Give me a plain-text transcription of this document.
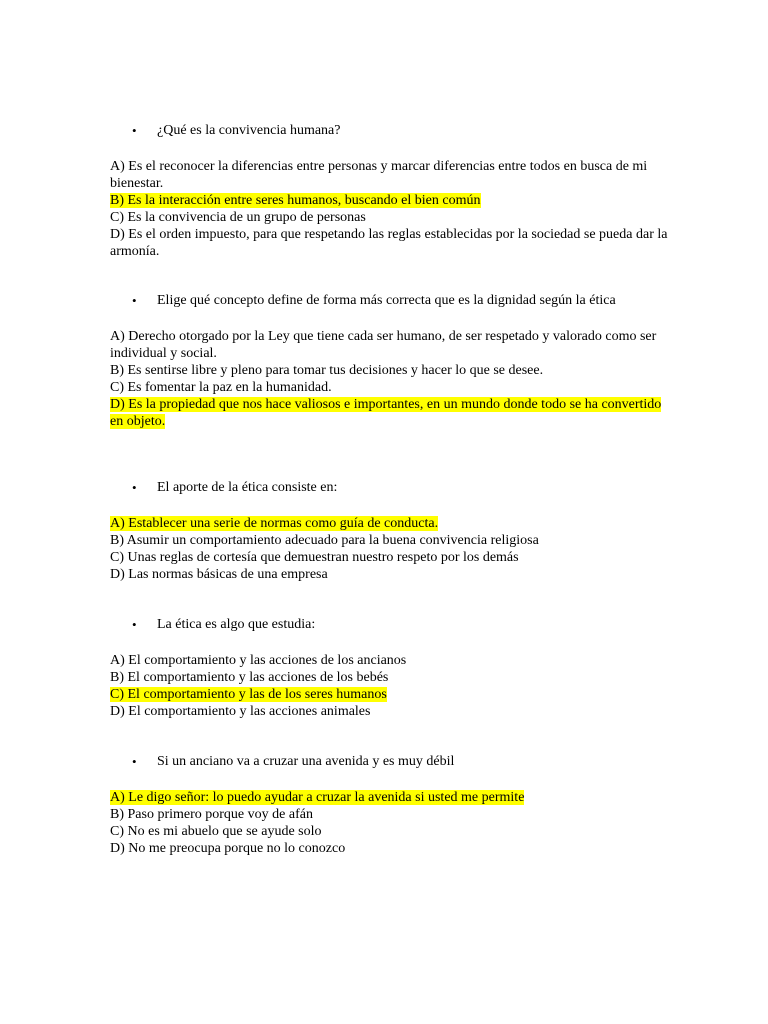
• ¿Qué es la convivencia humana?

A) Es el reconocer la diferencias entre personas y marcar diferencias entre todos en busca de mi bienestar.

B) Es la interacción entre seres humanos, buscando el bien común

C) Es la convivencia de un grupo de personas

D) Es el orden impuesto, para que respetando las reglas establecidas por la sociedad se pueda dar la armonía.

• Elige qué concepto define de forma más correcta que es la dignidad según la ética

A) Derecho otorgado por la Ley que tiene cada ser humano, de ser respetado y valorado como ser individual y social.

B) Es sentirse libre y pleno para tomar tus decisiones y hacer lo que se desee.

C) Es fomentar la paz en la humanidad.

D) Es la propiedad que nos hace valiosos e importantes, en un mundo donde todo se ha convertido en objeto.

• El aporte de la ética consiste en:

A) Establecer una serie de normas como guía de conducta.

B) Asumir un comportamiento adecuado para la buena convivencia religiosa

C) Unas reglas de cortesía que demuestran nuestro respeto por los demás

D) Las normas básicas de una empresa

• La ética es algo que estudia:

A) El comportamiento y las acciones de los ancianos

B) El comportamiento y las acciones de los bebés

C) El comportamiento y las de los seres humanos

D) El comportamiento y las acciones animales

• Si un anciano va a cruzar una avenida y es muy débil

A) Le digo señor: lo puedo ayudar a cruzar la avenida si usted me permite

B) Paso primero porque voy de afán

C) No es mi abuelo que se ayude solo

D) No me preocupa porque no lo conozco
